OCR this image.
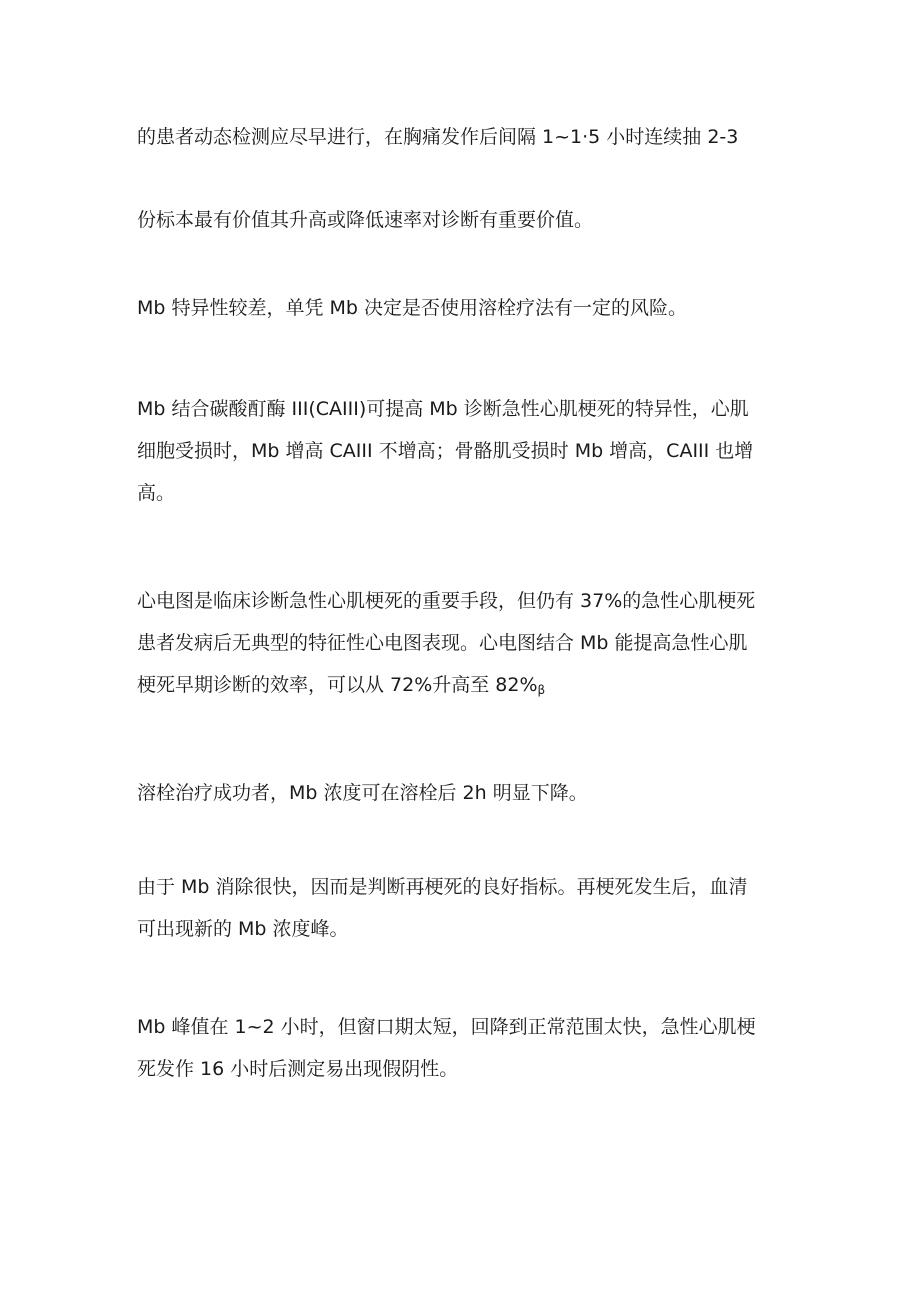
的患者动态检测应尽早进行，在胸痛发作后间隔 1~1·5 小时连续抽 2-3
份标本最有价值其升高或降低速率对诊断有重要价值。
Mb 特异性较差，单凭 Mb 决定是否使用溶栓疗法有一定的风险。
Mb 结合碳酸酊酶 III(CAIII)可提高 Mb 诊断急性心肌梗死的特异性，心肌
细胞受损时，Mb 增高 CAIII 不增高；骨骼肌受损时 Mb 增高，CAIII 也增
高。
心电图是临床诊断急性心肌梗死的重要手段，但仍有 37%的急性心肌梗死
患者发病后无典型的特征性心电图表现。心电图结合 Mb 能提高急性心肌
梗死早期诊断的效率，可以从 72%升高至 $82\%_\beta$
溶栓治疗成功者，Mb 浓度可在溶栓后 2h 明显下降。
由于 Mb 消除很快，因而是判断再梗死的良好指标。再梗死发生后，血清
可出现新的 Mb 浓度峰。
Mb 峰值在 1~2 小时，但窗口期太短，回降到正常范围太快，急性心肌梗
死发作 16 小时后测定易出现假阴性。
